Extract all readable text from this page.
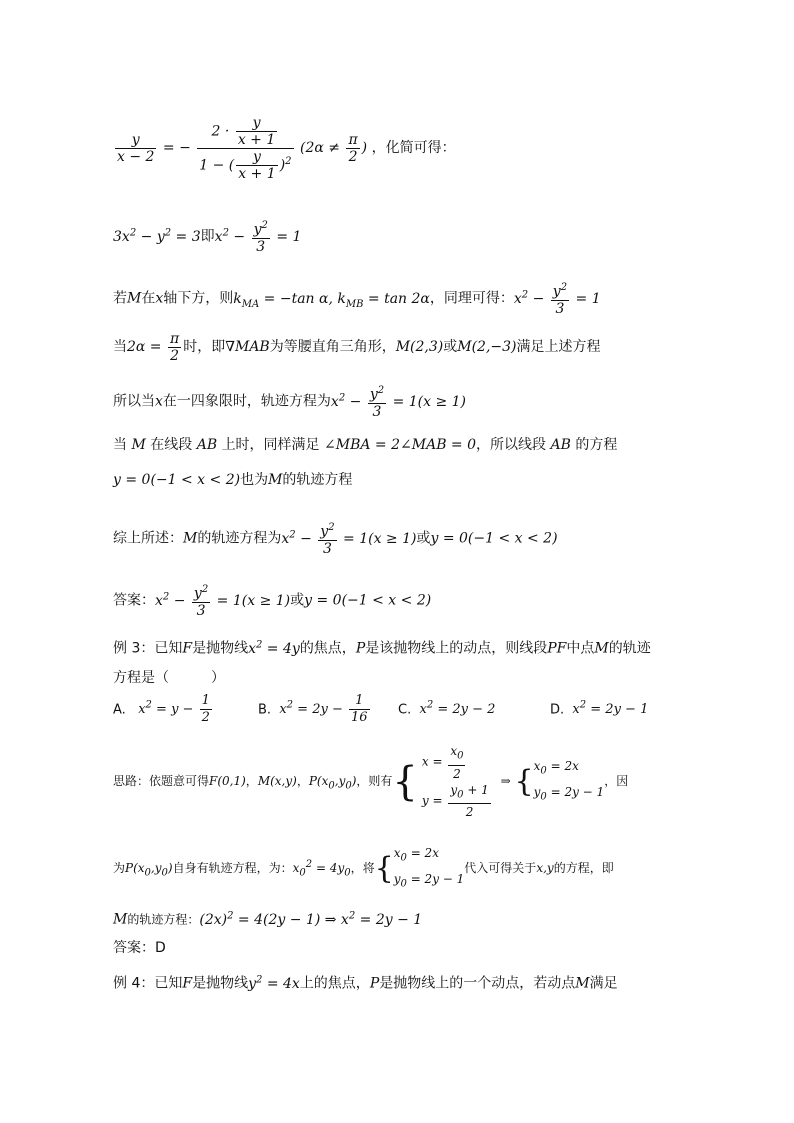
$\frac{y}{x - 2}$ = − $\frac{2 \cdot \frac{y}{x + 1}}{1 - ( \frac{y}{x + 1} )^2} (2\alpha \ne \frac{\pi}{2}$ ) ，化简可得：
$3x^2 - y^2 = 3$即$x^2 - \frac{y^2}{3} = 1$
若M在x轴下方，则$k_{MA} = -\tan$ α, $k_{MB} = \tan 2\alpha$，同理可得：$x^2 - \frac{y^2}{3} = 1$
当$2\alpha = \frac{\pi}{2}$ 时，即∇MAB为等腰直角三角形，M(2,3)或M(2,−3)满足上述方程
所以当x在一四象限时，轨迹方程为$x^2 - \frac{y^2}{3} = 1(x \ge 1)$
当 M 在线段 AB 上时，同样满足 ∠MBA = 2∠MAB = 0，所以线段 AB 的方程
y = 0(−1 < x < 2)也为M的轨迹方程
综上所述：M的轨迹方程为$x^2 - \frac{y^2}{3} = 1(x \ge 1)$或y = 0(−1 < x < 2)
答案：$x^2 - \frac{y^2}{3} = 1(x \ge 1)$或y = 0(−1 < x < 2)
例 3：已知F是抛物线$x^2 = 4y$的焦点，P是该抛物线上的动点，则线段PF中点M的轨迹
方程是（　　　）
A. $x^2 = y - \frac{1}{2}$	B. $x^2 = 2y - \frac{1}{16} C$. $x^2 = 2y - 2$	D. $x^2 = 2y - 1$
思路：依题意可得F(0,1)，M(x,y)，$P(x_0,y_0)$，则有{ $x = \frac{x_0}{2}$

$y = \frac{y_0 + 1}{2}$
⇒ {$x_0 = 2x$
$y_0 = 2y - 1$，因
为$P(x_0,y_0)$自身有轨迹方程，为：$x_0^2 = 4y_0$，将{$x_0 = 2x$
$y_0 = 2y - 1$代入可得关于x,y的方程，即
M的轨迹方程：$(2x)^2 = 4(2y - 1)$ ⇒ $x^2 = 2y - 1$
答案：D
例 4：已知F是抛物线$y^2 = 4x$上的焦点，P是抛物线上的一个动点，若动点M满足
